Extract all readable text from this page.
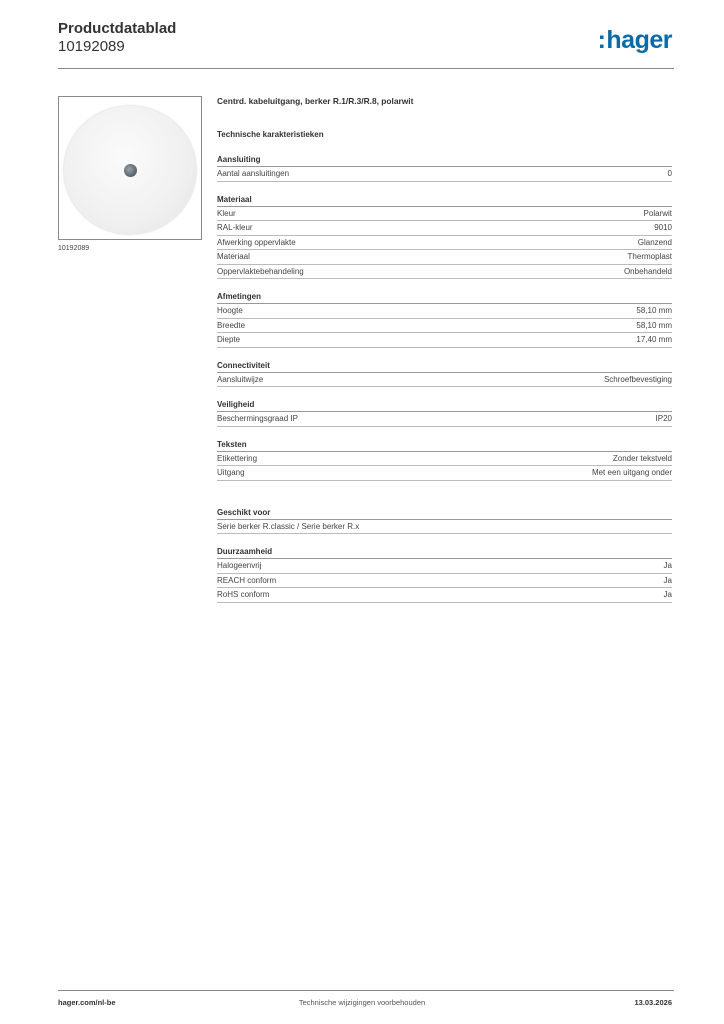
Productdatablad
10192089	:hager
10192089
Centrd. kabeluitgang, berker R.1/R.3/R.8, polarwit
Technische karakteristieken
Aansluiting
Aantal aansluitingen	0
Materiaal
Kleur	Polarwit
RAL-kleur	9010
Afwerking oppervlakte	Glanzend
Materiaal	Thermoplast
Oppervlaktebehandeling	Onbehandeld
Afmetingen
Hoogte	58,10 mm
Breedte	58,10 mm
Diepte	17,40 mm
Connectiviteit
Aansluitwijze	Schroefbevestiging
Veiligheid
Beschermingsgraad IP	IP20
Teksten
Etikettering	Zonder tekstveld
Uitgang	Met een uitgang onder
Geschikt voor
Serie berker R.classic / Serie berker R.x
Duurzaamheid
Halogeenvrij	Ja
REACH conform	Ja
RoHS conform	Ja
hager.com/nl-be	Technische wijzigingen voorbehouden	13.03.2026
